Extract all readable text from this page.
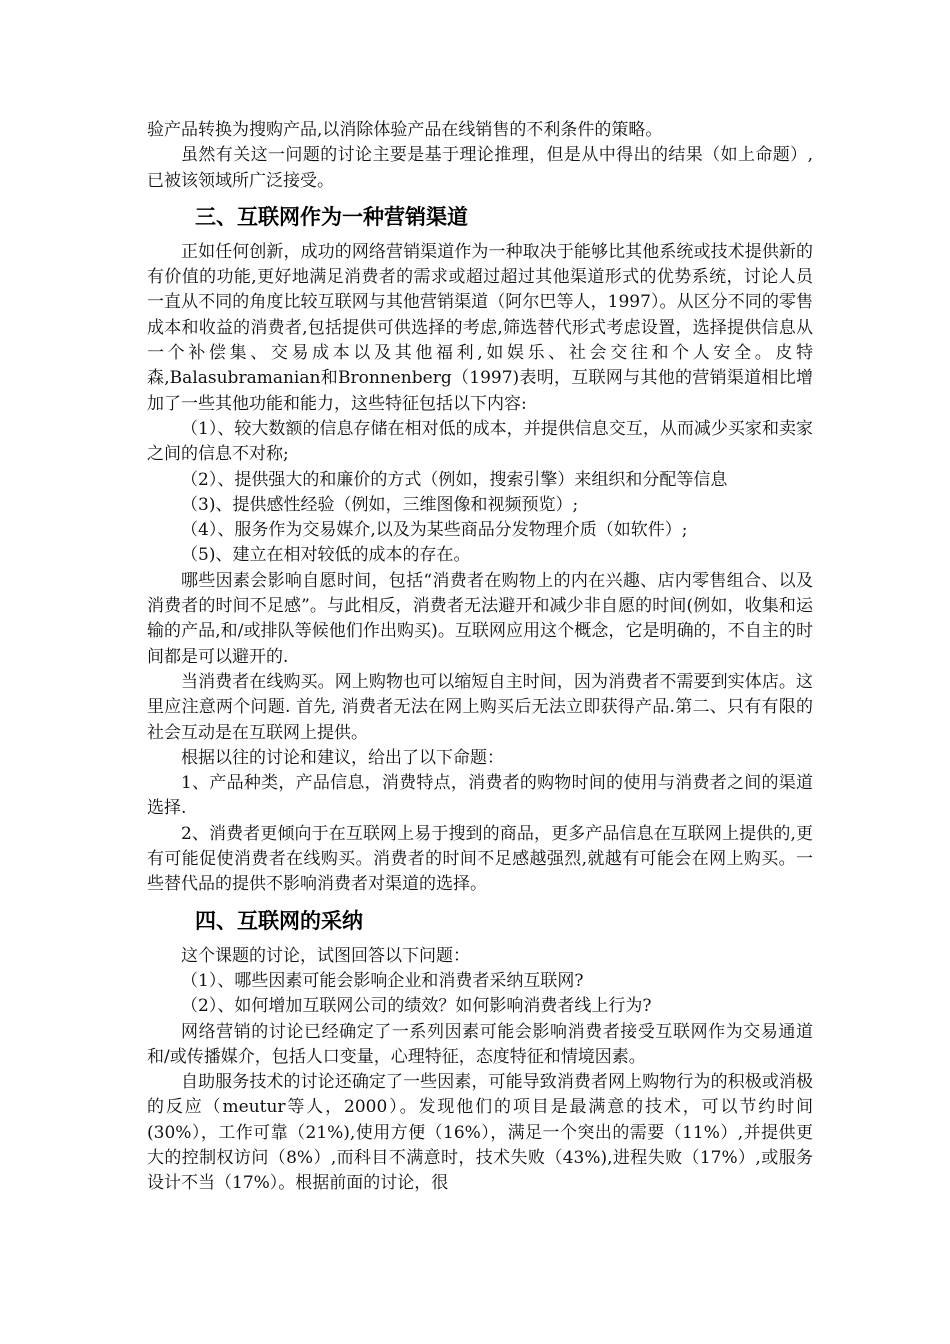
验产品转换为搜购产品,以消除体验产品在线销售的不利条件的策略。

虽然有关这一问题的讨论主要是基于理论推理，但是从中得出的结果（如上命题）,已被该领域所广泛接受。

三、互联网作为一种营销渠道

正如任何创新，成功的网络营销渠道作为一种取决于能够比其他系统或技术提供新的有价值的功能,更好地满足消费者的需求或超过超过其他渠道形式的优势系统，讨论人员一直从不同的角度比较互联网与其他营销渠道（阿尔巴等人，1997）。从区分不同的零售成本和收益的消费者,包括提供可供选择的考虑,筛选替代形式考虑设置，选择提供信息从一个补偿集、交易成本以及其他福利,如娱乐、社会交往和个人安全。皮特森,Balasubramanian和Bronnenberg（1997)表明，互联网与其他的营销渠道相比增加了一些其他功能和能力，这些特征包括以下内容:

（1）、较大数额的信息存储在相对低的成本，并提供信息交互，从而减少买家和卖家之间的信息不对称;

（2）、提供强大的和廉价的方式（例如，搜索引擎）来组织和分配等信息

（3)、提供感性经验（例如，三维图像和视频预览）;

（4）、服务作为交易媒介,以及为某些商品分发物理介质（如软件）;

（5)、建立在相对较低的成本的存在。

哪些因素会影响自愿时间，包括“消费者在购物上的内在兴趣、店内零售组合、以及消费者的时间不足感”。与此相反，消费者无法避开和减少非自愿的时间(例如，收集和运输的产品,和/或排队等候他们作出购买)。互联网应用这个概念，它是明确的，不自主的时间都是可以避开的.

当消费者在线购买。网上购物也可以缩短自主时间，因为消费者不需要到实体店。这里应注意两个问题. 首先, 消费者无法在网上购买后无法立即获得产品.第二、只有有限的社会互动是在互联网上提供。

根据以往的讨论和建议，给出了以下命题：

1、产品种类，产品信息，消费特点，消费者的购物时间的使用与消费者之间的渠道选择.

2、消费者更倾向于在互联网上易于搜到的商品，更多产品信息在互联网上提供的,更有可能促使消费者在线购买。消费者的时间不足感越强烈,就越有可能会在网上购买。一些替代品的提供不影响消费者对渠道的选择。

四、互联网的采纳

这个课题的讨论，试图回答以下问题：

（1）、哪些因素可能会影响企业和消费者采纳互联网?

（2）、如何增加互联网公司的绩效？如何影响消费者线上行为?

网络营销的讨论已经确定了一系列因素可能会影响消费者接受互联网作为交易通道和/或传播媒介，包括人口变量，心理特征，态度特征和情境因素。

自助服务技术的讨论还确定了一些因素，可能导致消费者网上购物行为的积极或消极的反应（meutur等人，2000）。发现他们的项目是最满意的技术，可以节约时间(30%），工作可靠（21%),使用方便（16%），满足一个突出的需要（11%）,并提供更大的控制权访问（8%）,而科目不满意时，技术失败（43%),进程失败（17%）,或服务设计不当（17%）。根据前面的讨论，很
